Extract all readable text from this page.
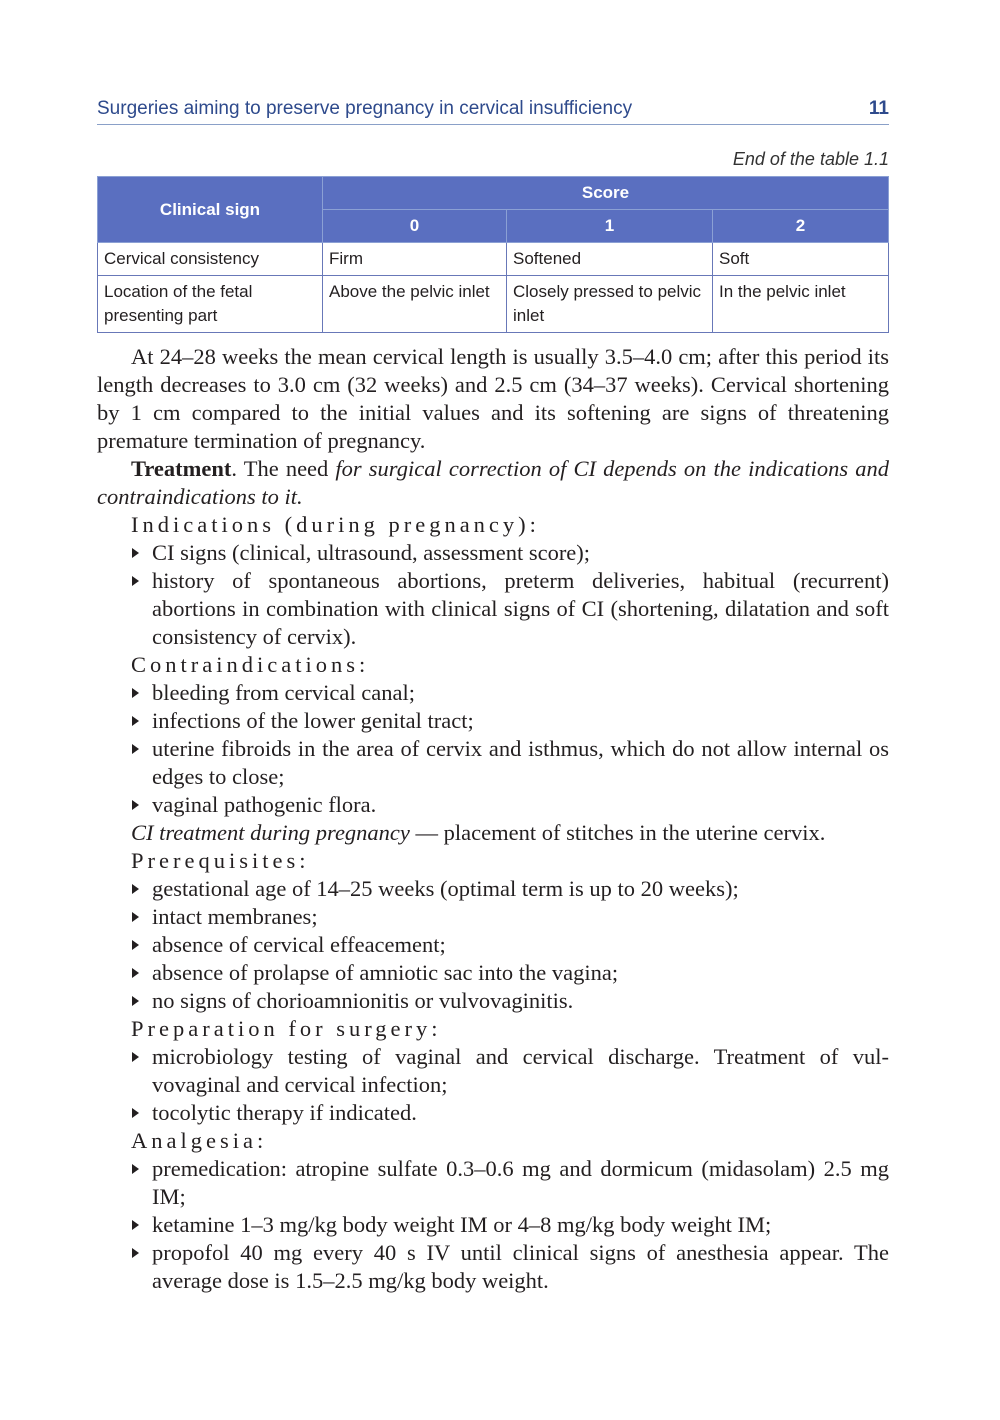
Surgeries aiming to preserve pregnancy in cervical insufficiency	11
End of the table 1.1
Clinical sign	Score		
	0	1	2
Cervical consistency	Firm	Softened	Soft
Location of the fetal presenting part	Above the pelvic inlet	Closely pressed to pelvic inlet	In the pelvic inlet

At 24–28 weeks the mean cervical length is usually 3.5–4.0 cm; after this period its length decreases to 3.0 cm (32 weeks) and 2.5 cm (34–37 weeks). Cervical shortening by 1 cm compared to the initial values and its softening are signs of threatening premature termination of pregnancy.

Treatment. The need for surgical correction of CI depends on the indications and contraindications to it.

Indications (during pregnancy):

CI signs (clinical, ultrasound, assessment score);
history of spontaneous abortions, preterm deliveries, habitual (recurrent) abortions in combination with clinical signs of CI (shortening, dilatation and soft consistency of cervix).

Contraindications:

bleeding from cervical canal;
infections of the lower genital tract;
uterine fibroids in the area of cervix and isthmus, which do not allow internal os edges to close;
vaginal pathogenic flora.

CI treatment during pregnancy — placement of stitches in the uterine cervix.

Prerequisites:

gestational age of 14–25 weeks (optimal term is up to 20 weeks);
intact membranes;
absence of cervical effeacement;
absence of prolapse of amniotic sac into the vagina;
no signs of chorioamnionitis or vulvovaginitis.

Preparation for surgery:

microbiology testing of vaginal and cervical discharge. Treatment of vulvovaginal and cervical infection;
tocolytic therapy if indicated.

Analgesia:

premedication: atropine sulfate 0.3–0.6 mg and dormicum (midasolam) 2.5 mg IM;
ketamine 1–3 mg/kg body weight IM or 4–8 mg/kg body weight IM;
propofol 40 mg every 40 s IV until clinical signs of anesthesia appear. The average dose is 1.5–2.5 mg/kg body weight.
